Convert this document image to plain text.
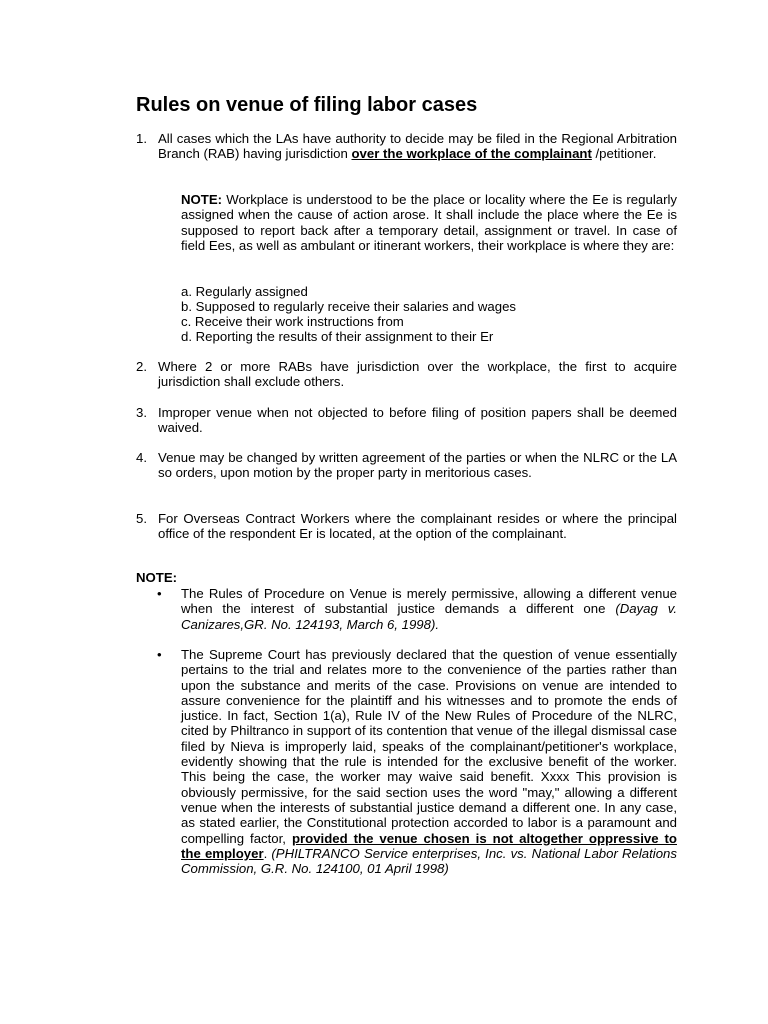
Rules on venue of filing labor cases
1. All cases which the LAs have authority to decide may be filed in the Regional Arbitration Branch (RAB) having jurisdiction over the workplace of the complainant /petitioner.
NOTE: Workplace is understood to be the place or locality where the Ee is regularly assigned when the cause of action arose. It shall include the place where the Ee is supposed to report back after a temporary detail, assignment or travel. In case of field Ees, as well as ambulant or itinerant workers, their workplace is where they are:
a. Regularly assigned
b. Supposed to regularly receive their salaries and wages
c. Receive their work instructions from
d. Reporting the results of their assignment to their Er
2. Where 2 or more RABs have jurisdiction over the workplace, the first to acquire jurisdiction shall exclude others.
3. Improper venue when not objected to before filing of position papers shall be deemed waived.
4. Venue may be changed by written agreement of the parties or when the NLRC or the LA so orders, upon motion by the proper party in meritorious cases.
5. For Overseas Contract Workers where the complainant resides or where the principal office of the respondent Er is located, at the option of the complainant.
NOTE:
• The Rules of Procedure on Venue is merely permissive, allowing a different venue when the interest of substantial justice demands a different one (Dayag v. Canizares,GR. No. 124193, March 6, 1998).
• The Supreme Court has previously declared that the question of venue essentially pertains to the trial and relates more to the convenience of the parties rather than upon the substance and merits of the case. Provisions on venue are intended to assure convenience for the plaintiff and his witnesses and to promote the ends of justice. In fact, Section 1(a), Rule IV of the New Rules of Procedure of the NLRC, cited by Philtranco in support of its contention that venue of the illegal dismissal case filed by Nieva is improperly laid, speaks of the complainant/petitioner's workplace, evidently showing that the rule is intended for the exclusive benefit of the worker. This being the case, the worker may waive said benefit. Xxxx This provision is obviously permissive, for the said section uses the word "may," allowing a different venue when the interests of substantial justice demand a different one. In any case, as stated earlier, the Constitutional protection accorded to labor is a paramount and compelling factor, provided the venue chosen is not altogether oppressive to the employer. (PHILTRANCO Service enterprises, Inc. vs. National Labor Relations Commission, G.R. No. 124100, 01 April 1998)
